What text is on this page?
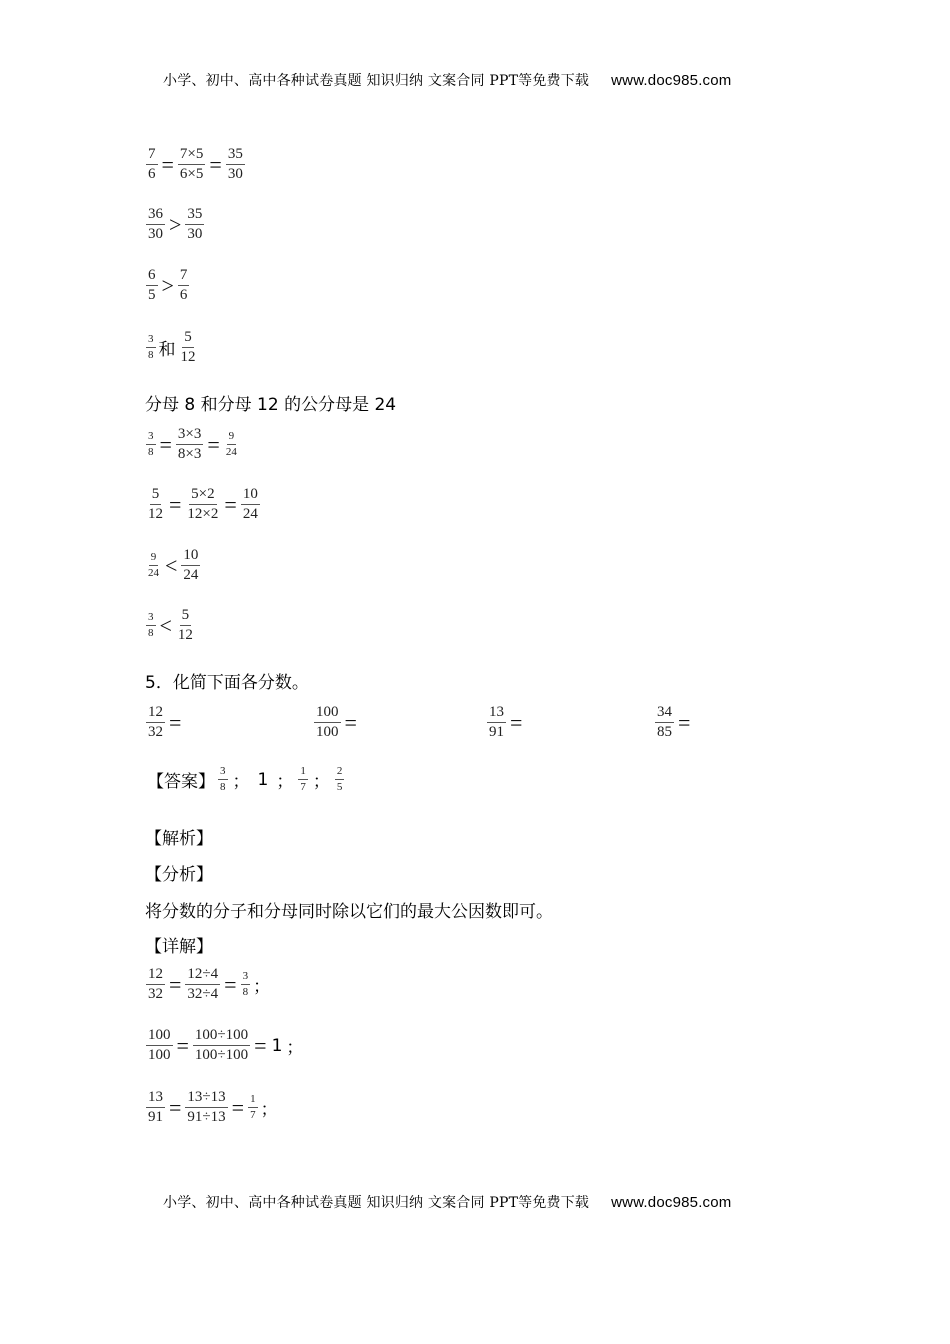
小学、初中、高中各种试卷真题 知识归纳 文案合同 PPT等免费下载 www.doc985.com
$\frac{7}{6} = \frac{7\times 5}{6\times 5} = \frac{35}{30}$
$\frac{36}{30} > \frac{35}{30}$
$\frac{6}{5} > \frac{7}{6}$
$\frac{3}{8}$ 和 $\frac{5}{12}$
分母 8 和分母 12 的公分母是 24
$\frac{3}{8} = \frac{3\times 3}{8\times 3} = \frac{9}{24}$
$\frac{5}{12} = \frac{5\times 2}{12\times 2} = \frac{10}{24}$
$\frac{9}{24} < \frac{10}{24}$
$\frac{3}{8} < \frac{5}{12}$
5．化简下面各分数。
$\frac{12}{32}$ =	$\frac{100}{100}$ =	$\frac{13}{91}$ =	$\frac{34}{85}$ =
【答案】 $\frac{3}{8}$ ； 1 ； $\frac{1}{7}$ ； $\frac{2}{5}$
【解析】
【分析】
将分数的分子和分母同时除以它们的最大公因数即可。
【详解】
$\frac{12}{32} = \frac{12\div 4}{32\div 4} = \frac{3}{8}$ ；
$\frac{100}{100} = \frac{100\div 100}{100\div 100} = 1$ ；
$\frac{13}{91} = \frac{13\div 13}{91\div 13} = \frac{1}{7}$ ；
小学、初中、高中各种试卷真题 知识归纳 文案合同 PPT等免费下载 www.doc985.com
